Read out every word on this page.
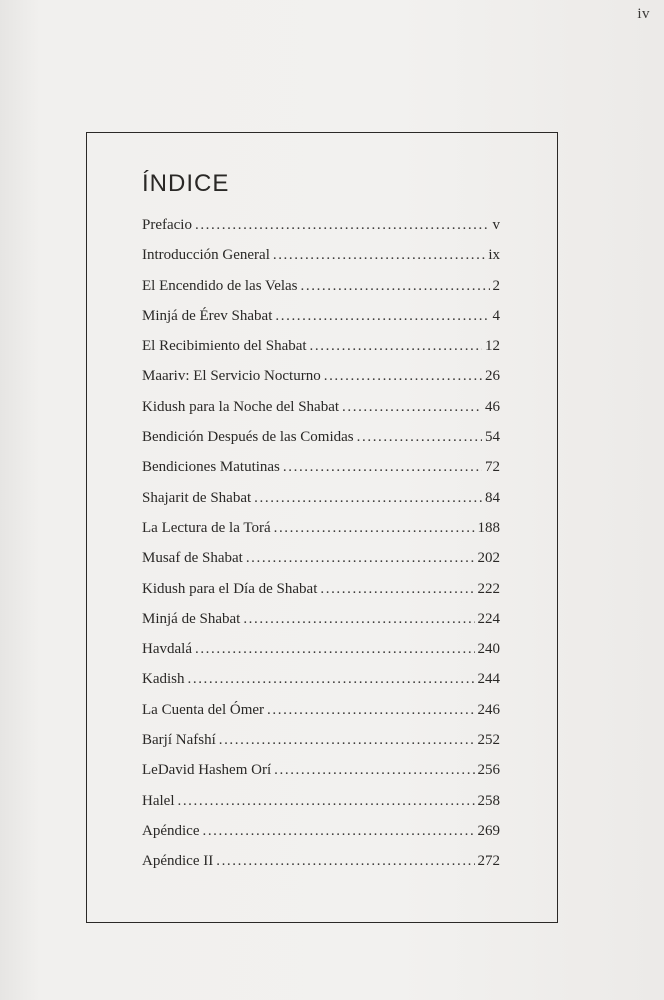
iv
ÍNDICE
Prefacio .....	v
Introducción General .....	ix
El Encendido de las Velas .....	2
Minjá de Érev Shabat .....	4
El Recibimiento del Shabat .....	12
Maariv: El Servicio Nocturno .....	26
Kidush para la Noche del Shabat .....	46
Bendición Después de las Comidas .....	54
Bendiciones Matutinas .....	72
Shajarit de Shabat .....	84
La Lectura de la Torá .....	188
Musaf de Shabat .....	202
Kidush para el Día de Shabat .....	222
Minjá de Shabat .....	224
Havdalá .....	240
Kadish .....	244
La Cuenta del Ómer .....	246
Barjí Nafshí .....	252
LeDavid Hashem Orí .....	256
Halel .....	258
Apéndice .....	269
Apéndice II .....	272
